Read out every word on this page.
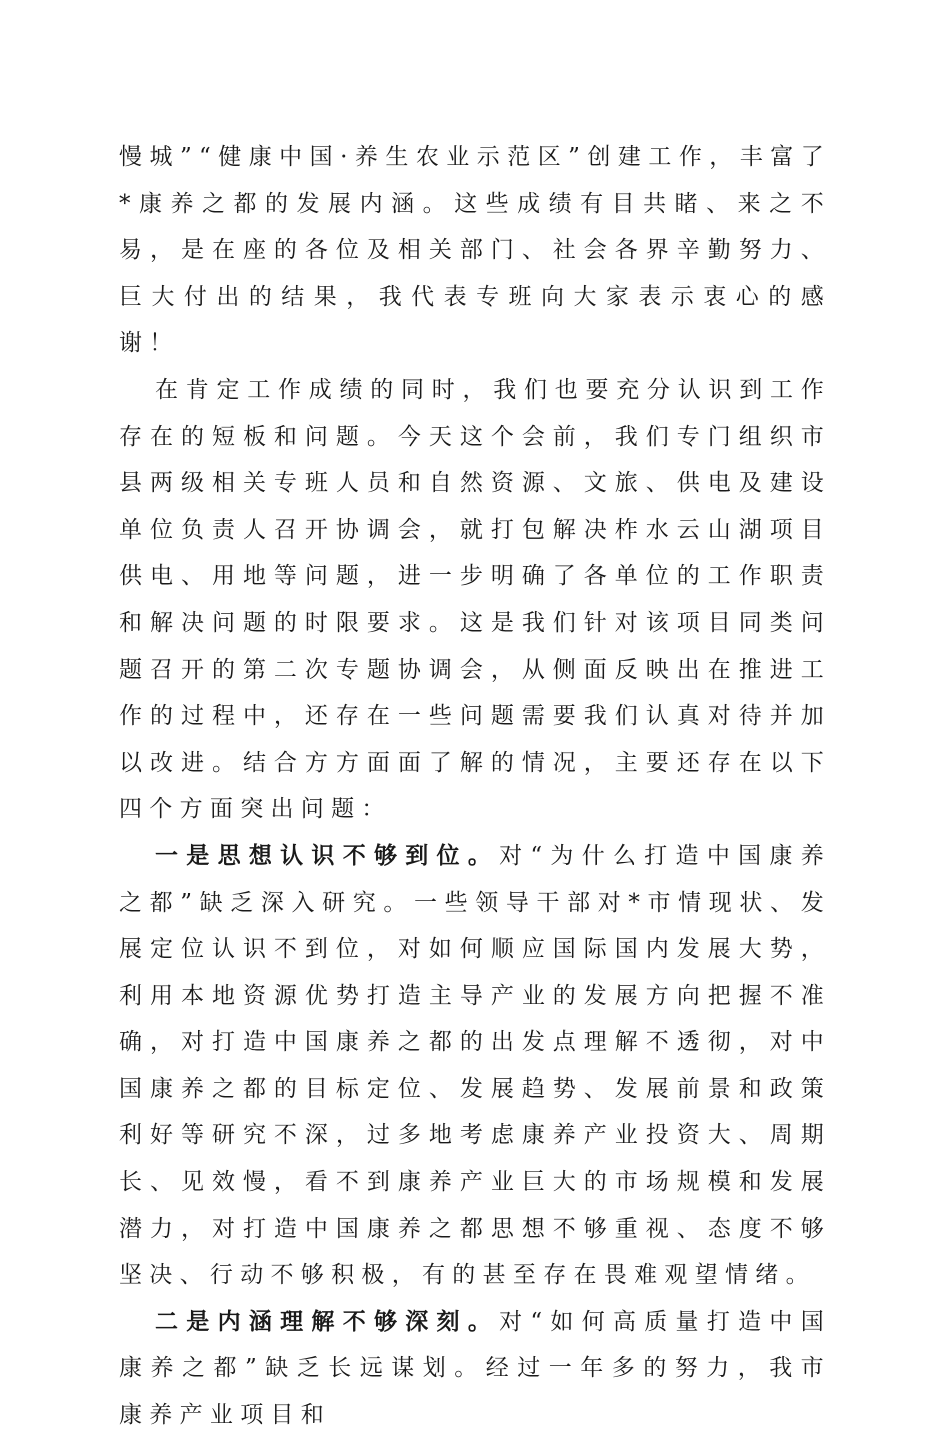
慢城”“健康中国·养生农业示范区”创建工作，丰富了*康养之都的发展内涵。这些成绩有目共睹、来之不易，是在座的各位及相关部门、社会各界辛勤努力、巨大付出的结果，我代表专班向大家表示衷心的感谢！

在肯定工作成绩的同时，我们也要充分认识到工作存在的短板和问题。今天这个会前，我们专门组织市县两级相关专班人员和自然资源、文旅、供电及建设单位负责人召开协调会，就打包解决柞水云山湖项目供电、用地等问题，进一步明确了各单位的工作职责和解决问题的时限要求。这是我们针对该项目同类问题召开的第二次专题协调会，从侧面反映出在推进工作的过程中，还存在一些问题需要我们认真对待并加以改进。结合方方面面了解的情况，主要还存在以下四个方面突出问题：

一是思想认识不够到位。对“为什么打造中国康养之都”缺乏深入研究。一些领导干部对*市情现状、发展定位认识不到位，对如何顺应国际国内发展大势，利用本地资源优势打造主导产业的发展方向把握不准确，对打造中国康养之都的出发点理解不透彻，对中国康养之都的目标定位、发展趋势、发展前景和政策利好等研究不深，过多地考虑康养产业投资大、周期长、见效慢，看不到康养产业巨大的市场规模和发展潜力，对打造中国康养之都思想不够重视、态度不够坚决、行动不够积极，有的甚至存在畏难观望情绪。

二是内涵理解不够深刻。对“如何高质量打造中国康养之都”缺乏长远谋划。经过一年多的努力，我市康养产业项目和
